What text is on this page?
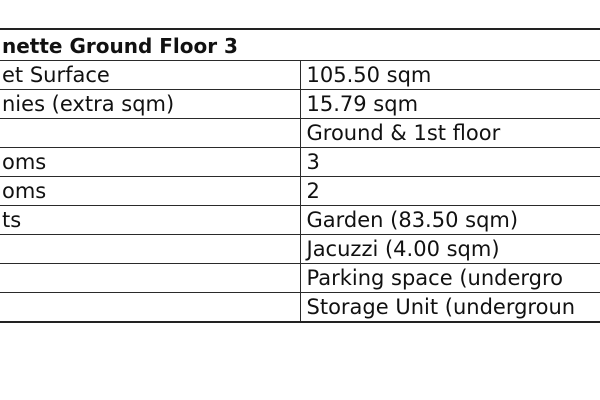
nette Ground Floor 3	
et Surface	105.50 sqm
nies (extra sqm)	15.79 sqm
	Ground & 1st floor
oms	3
oms	2
ts	Garden (83.50 sqm)
	Jacuzzi (4.00 sqm)
	Parking space (undergro
	Storage Unit (undergroun
